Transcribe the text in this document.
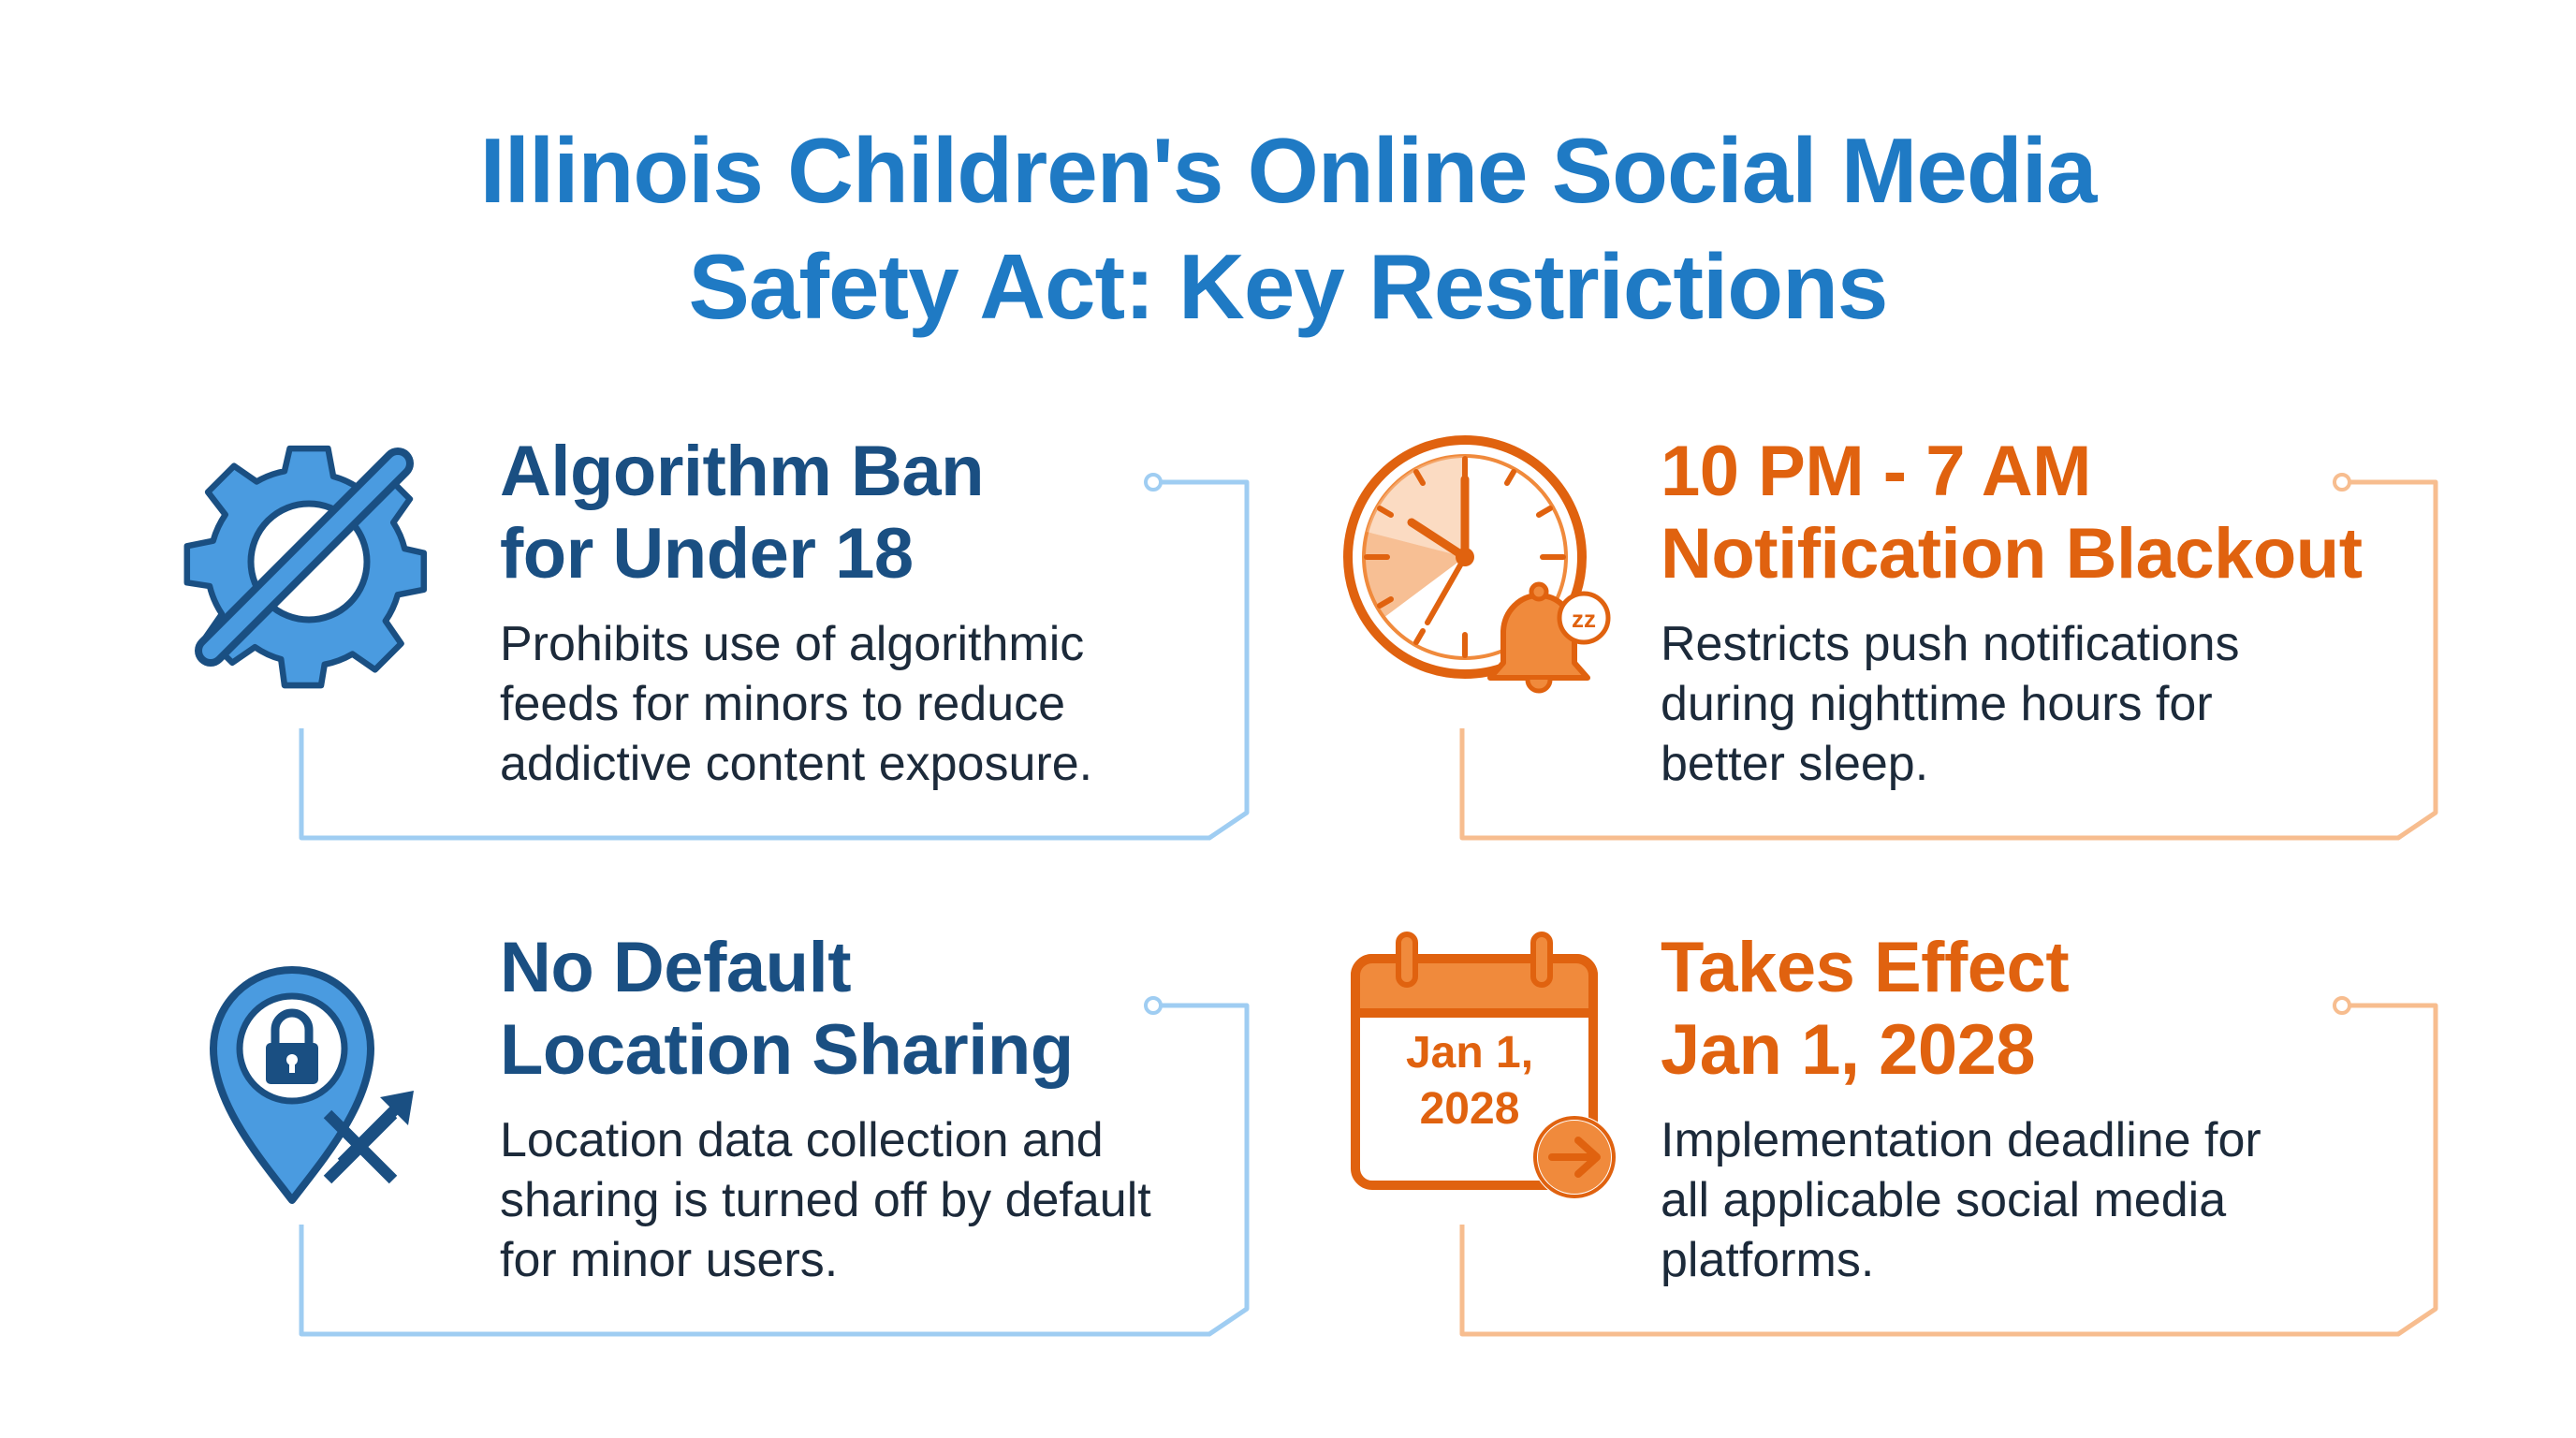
Illinois Children's Online Social Media
Safety Act: Key Restrictions
Algorithm Ban
for Under 18
Prohibits use of algorithmic
feeds for minors to reduce
addictive content exposure.
zz
10 PM - 7 AM
Notification Blackout
Restricts push notifications
during nighttime hours for
better sleep.
No Default
Location Sharing
Location data collection and
sharing is turned off by default
for minor users.
Jan 1,
2028
Takes Effect
Jan 1, 2028
Implementation deadline for
all applicable social media
platforms.
